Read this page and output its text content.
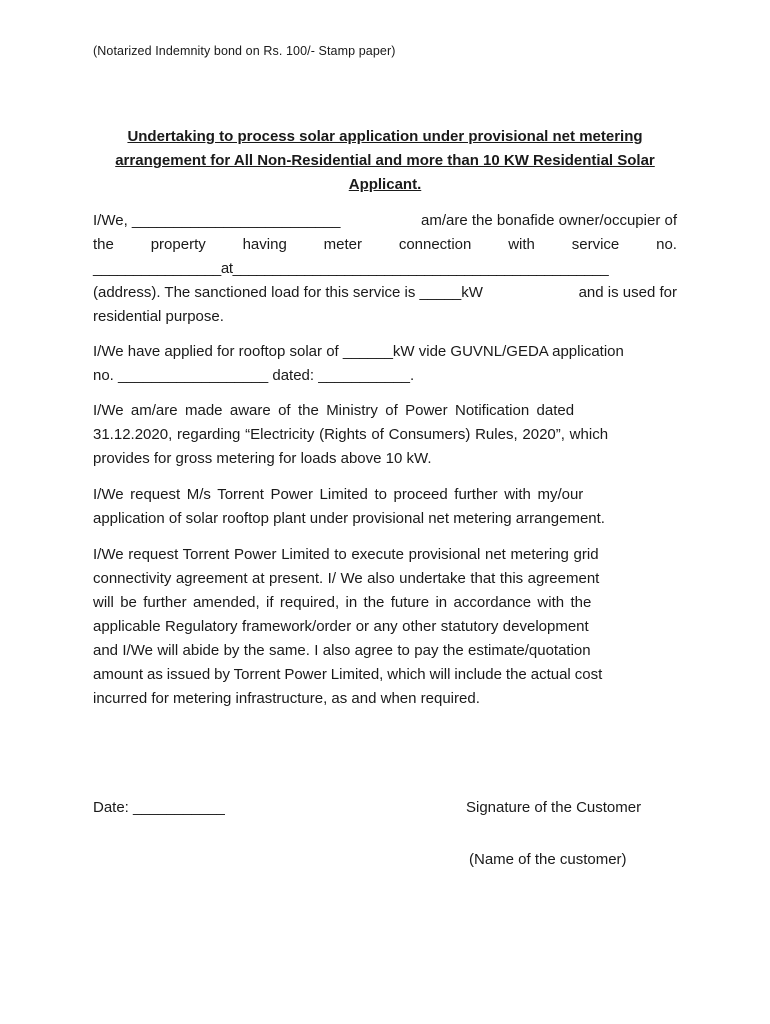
(Notarized Indemnity bond on Rs. 100/- Stamp paper)
Undertaking to process solar application under provisional net metering
arrangement for All Non-Residential and more than 10 KW Residential Solar
Applicant.
I/We, _________________________	am/are the bonafide owner/occupier of
the property having meter connection with service no.
________________at_______________________________________________
(address). The sanctioned load for this service is _____kW	and is used for
residential purpose.
I/We have applied for rooftop solar of ______kW vide GUVNL/GEDA application
no. __________________ dated: ___________.
I/We am/are made aware of the Ministry of Power Notification dated
31.12.2020, regarding “Electricity (Rights of Consumers) Rules, 2020”, which
provides for gross metering for loads above 10 kW.
I/We request M/s Torrent Power Limited to proceed further with my/our
application of solar rooftop plant under provisional net metering arrangement.
I/We request Torrent Power Limited to execute provisional net metering grid
connectivity agreement at present. I/ We also undertake that this agreement
will be further amended, if required, in the future in accordance with the
applicable Regulatory framework/order or any other statutory development
and I/We will abide by the same. I also agree to pay the estimate/quotation
amount as issued by Torrent Power Limited, which will include the actual cost
incurred for metering infrastructure, as and when required.
Date: ___________	Signature of the Customer
(Name of the customer)
